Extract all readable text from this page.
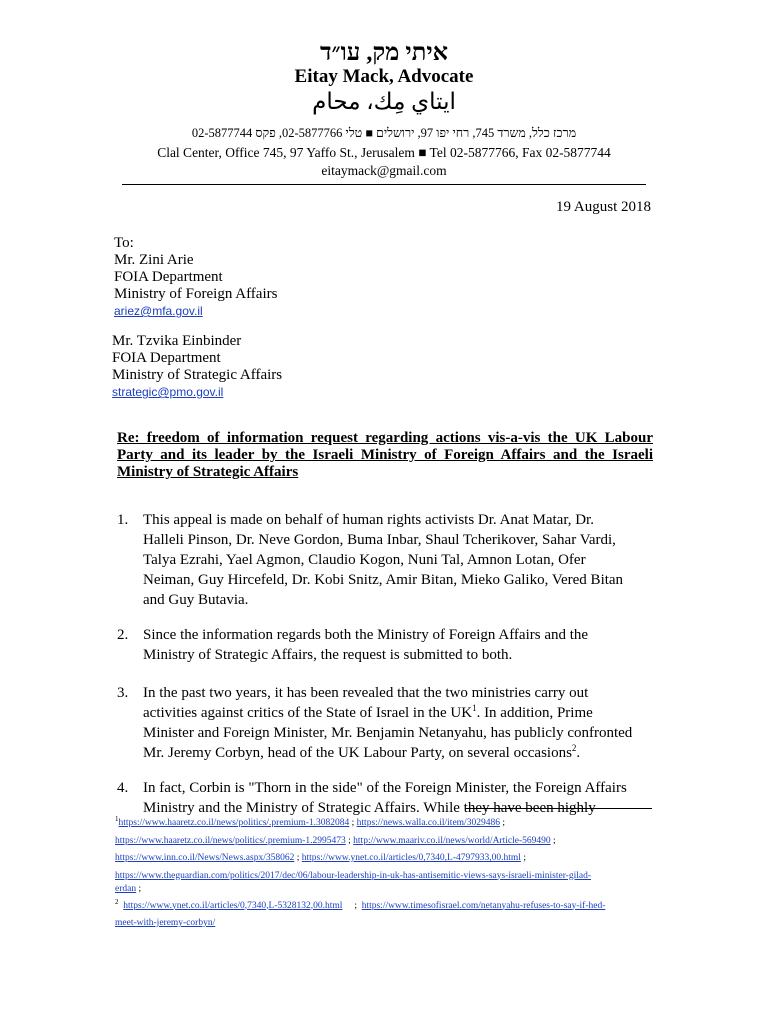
איתי מק, עו״ד
Eitay Mack, Advocate
ايتاي مِك، محام
מרכז כלל, משרד 745, רחי יפו 97, ירושלים ■ טלי 02-5877766, פקס 02-5877744
Clal Center, Office 745, 97 Yaffo St., Jerusalem ■ Tel 02-5877766, Fax 02-5877744
eitaymack@gmail.com
19 August 2018
To:
Mr. Zini Arie
FOIA Department
Ministry of Foreign Affairs
ariez@mfa.gov.il
Mr. Tzvika Einbinder
FOIA Department
Ministry of Strategic Affairs
strategic@pmo.gov.il
Re: freedom of information request regarding actions vis-a-vis the UK Labour Party and its leader by the Israeli Ministry of Foreign Affairs and the Israeli Ministry of Strategic Affairs
1. This appeal is made on behalf of human rights activists Dr. Anat Matar, Dr.
Halleli Pinson, Dr. Neve Gordon, Buma Inbar, Shaul Tcherikover, Sahar Vardi,
Talya Ezrahi, Yael Agmon, Claudio Kogon, Nuni Tal, Amnon Lotan, Ofer
Neiman, Guy Hircefeld, Dr. Kobi Snitz, Amir Bitan, Mieko Galiko, Vered Bitan
and Guy Butavia.
2. Since the information regards both the Ministry of Foreign Affairs and the
Ministry of Strategic Affairs, the request is submitted to both.
3. In the past two years, it has been revealed that the two ministries carry out
activities against critics of the State of Israel in the $UK^1$. In addition, Prime
Minister and Foreign Minister, Mr. Benjamin Netanyahu, has publicly confronted
Mr. Jeremy Corbyn, head of the UK Labour Party, on several occasions$^2$.
4. In fact, Corbin is "Thorn in the side" of the Foreign Minister, the Foreign Affairs
Ministry and the Ministry of Strategic Affairs. While they have been highly
$^1$https://www.haaretz.co.il/news/politics/.premium-1.3082084 ; https://news.walla.co.il/item/3029486 ;
https://www.haaretz.co.il/news/politics/.premium-1.2995473 ; http://www.maariv.co.il/news/world/Article-569490 ;
https://www.inn.co.il/News/News.aspx/358062 ; https://www.ynet.co.il/articles/0,7340,L-4797933,00.html ;
https://www.theguardian.com/politics/2017/dec/06/labour-leadership-in-uk-has-antisemitic-views-says-israeli-minister-gilad-
erdan ;
$^2$ https://www.ynet.co.il/articles/0,7340,L-5328132,00.html ; https://www.timesofisrael.com/netanyahu-refuses-to-say-if-hed-
meet-with-jeremy-corbyn/
